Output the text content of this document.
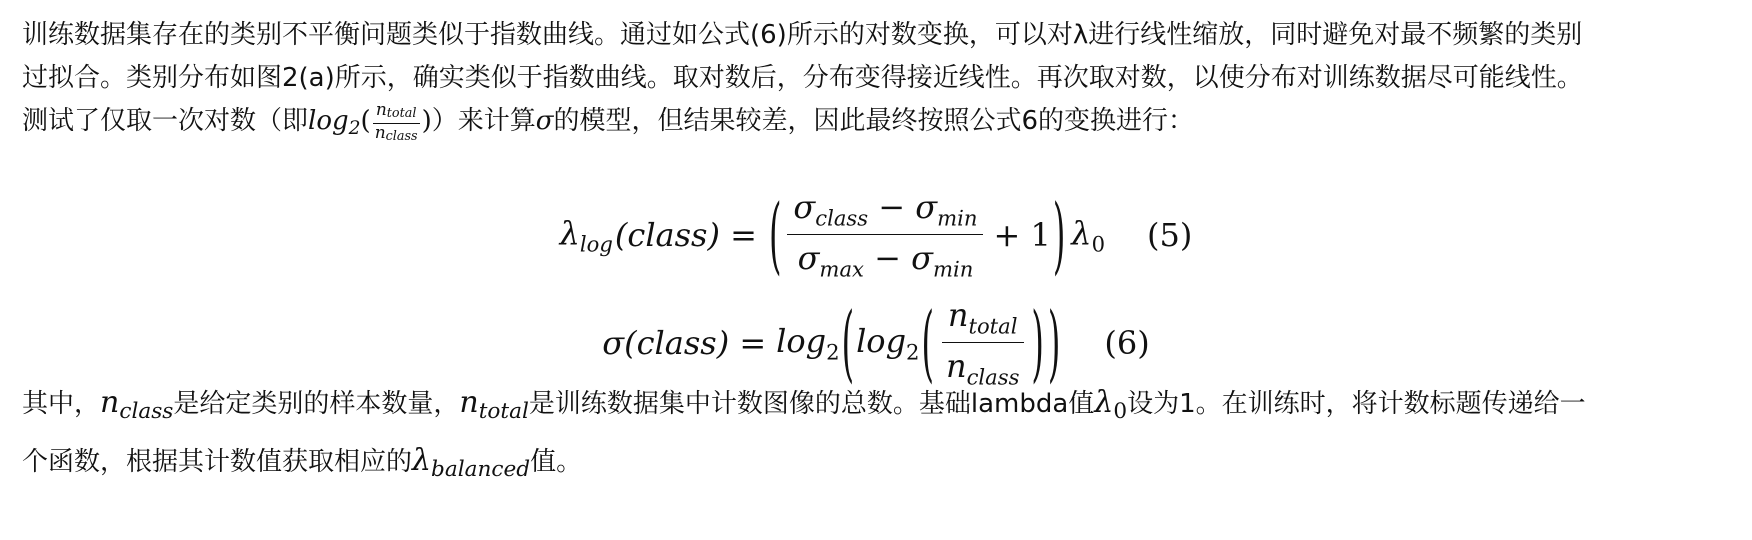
训练数据集存在的类别不平衡问题类似于指数曲线。通过如公式(6)所示的对数变换，可以对λ进行线性缩放，同时避免对最不频繁的类别
过拟合。类别分布如图2(a)所示，确实类似于指数曲线。取对数后，分布变得接近线性。再次取对数，以使分布对训练数据尽可能线性。
测试了仅取一次对数（即$\log_2( \frac{\text{ntotal}}{\text{nclass}}$ )）来计算σ的模型，但结果较差，因此最终按照公式6的变换进行：

$\lambda_{log}$ (class) = ( $\frac{\sigma_{class} - \sigma_{min}}{\sigma_{max} - \sigma_{min}} + 1$ ) $\lambda_0$ (5)
σ (class) = $\log_2$ ( $\log_2$ ( $\frac{n_{total}}{n_{class}}$ ) ) (6)
其中，$n_{class}$是给定类别的样本数量，$n_{total}$是训练数据集中计数图像的总数。基础lambda值$\lambda_0$设为1。在训练时，将计数标题传递给一
个函数，根据其计数值获取相应的$\lambda_{balanced}$值。
